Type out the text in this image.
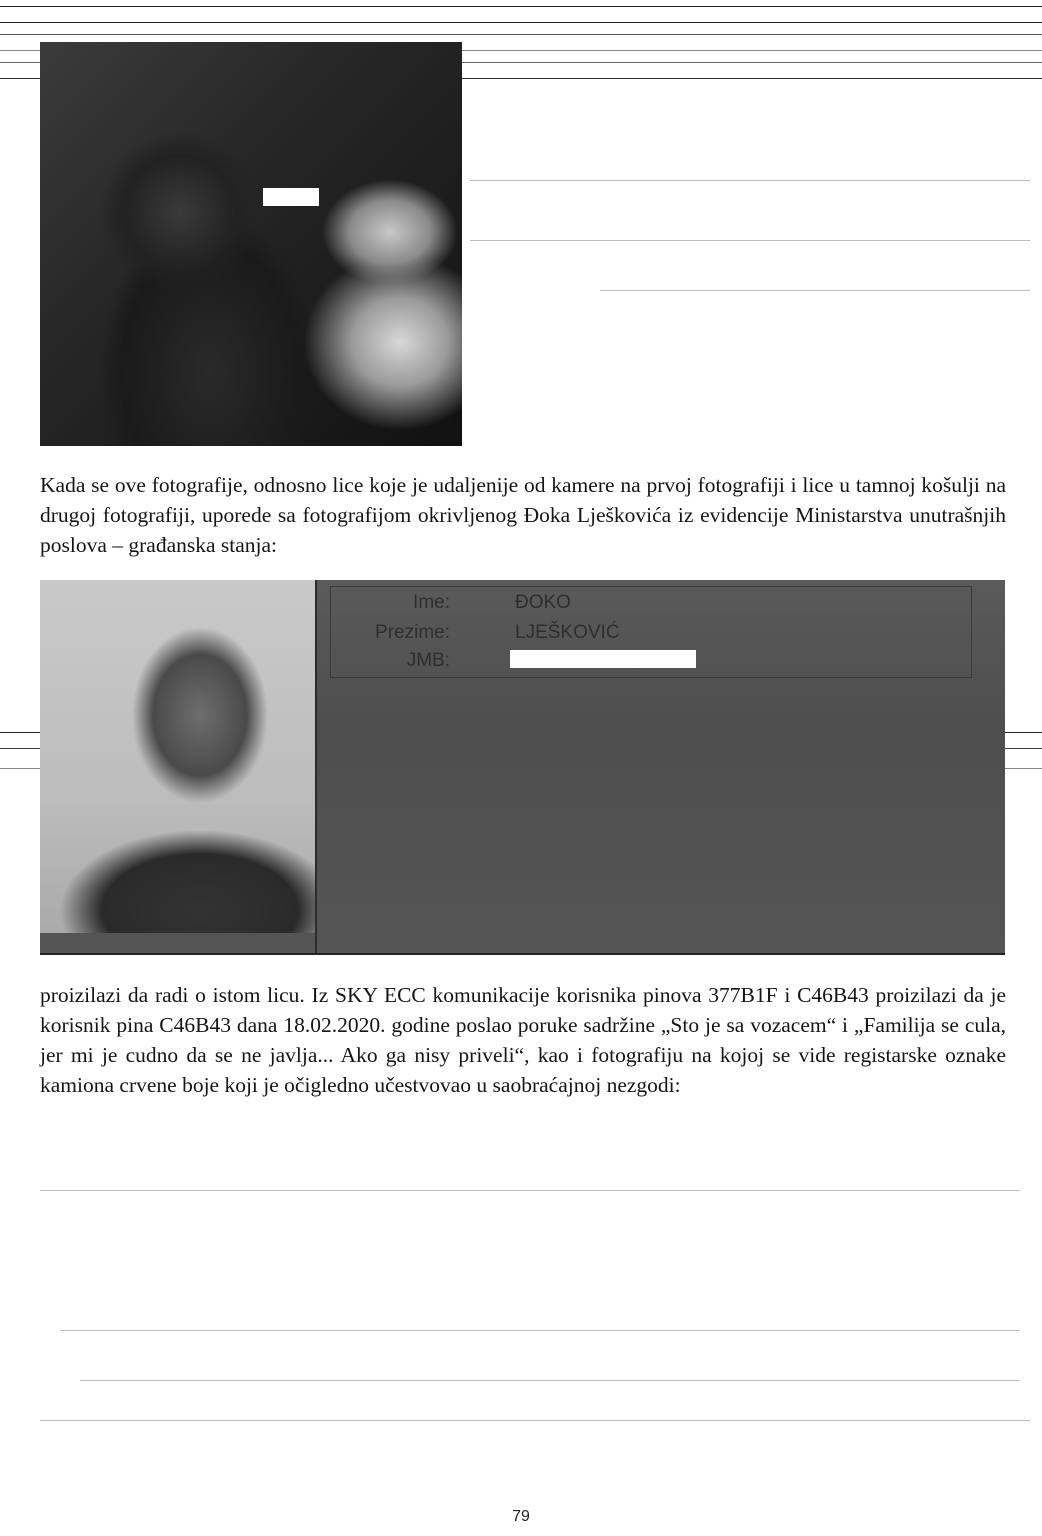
Kada se ove fotografije, odnosno lice koje je udaljenije od kamere na prvoj fotografiji i lice u tamnoj košulji na drugoj fotografiji, uporede sa fotografijom okrivljenog Đoka Lješkovića iz evidencije Ministarstva unutrašnjih poslova – građanska stanja:

Ime:	ĐOKO
Prezime:	LJEŠKOVIĆ
JMB:

proizilazi da radi o istom licu. Iz SKY ECC komunikacije korisnika pinova 377B1F i C46B43 proizilazi da je korisnik pina C46B43 dana 18.02.2020. godine poslao poruke sadržine „Sto je sa vozacem“ i „Familija se cula, jer mi je cudno da se ne javlja... Ako ga nisy priveli“, kao i fotografiju na kojoj se vide registarske oznake kamiona crvene boje koji je očigledno učestvovao u saobraćajnoj nezgodi:

79
